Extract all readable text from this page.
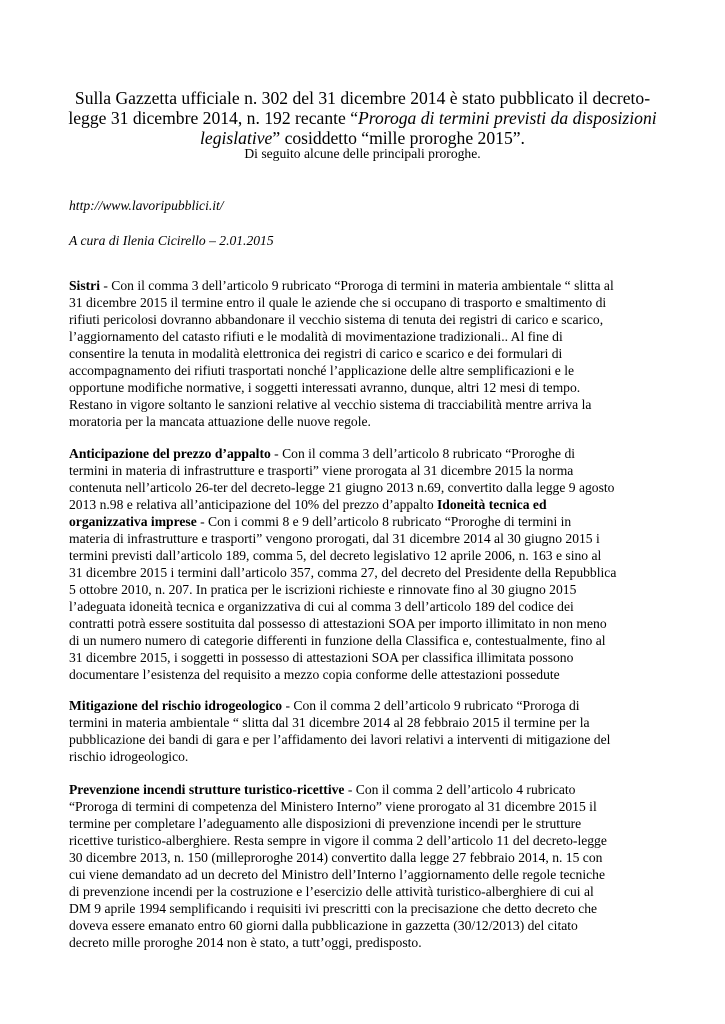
Sulla Gazzetta ufficiale n. 302 del 31 dicembre 2014 è stato pubblicato il decreto-
legge 31 dicembre 2014, n. 192 recante “Proroga di termini previsti da disposizioni
legislative” cosiddetto “mille proroghe 2015”.
Di seguito alcune delle principali proroghe.
http://www.lavoripubblici.it/
A cura di Ilenia Cicirello – 2.01.2015
Sistri - Con il comma 3 dell’articolo 9 rubricato “Proroga di termini in materia ambientale “ slitta al
31 dicembre 2015 il termine entro il quale le aziende che si occupano di trasporto e smaltimento di
rifiuti pericolosi dovranno abbandonare il vecchio sistema di tenuta dei registri di carico e scarico,
l’aggiornamento del catasto rifiuti e le modalità di movimentazione tradizionali.. Al fine di
consentire la tenuta in modalità elettronica dei registri di carico e scarico e dei formulari di
accompagnamento dei rifiuti trasportati nonché l’applicazione delle altre semplificazioni e le
opportune modifiche normative, i soggetti interessati avranno, dunque, altri 12 mesi di tempo.
Restano in vigore soltanto le sanzioni relative al vecchio sistema di tracciabilità mentre arriva la
moratoria per la mancata attuazione delle nuove regole.
Anticipazione del prezzo d’appalto - Con il comma 3 dell’articolo 8 rubricato “Proroghe di
termini in materia di infrastrutture e trasporti” viene prorogata al 31 dicembre 2015 la norma
contenuta nell’articolo 26-ter del decreto-legge 21 giugno 2013 n.69, convertito dalla legge 9 agosto
2013 n.98 e relativa all’anticipazione del 10% del prezzo d’appalto Idoneità tecnica ed
organizzativa imprese - Con i commi 8 e 9 dell’articolo 8 rubricato “Proroghe di termini in
materia di infrastrutture e trasporti” vengono prorogati, dal 31 dicembre 2014 al 30 giugno 2015 i
termini previsti dall’articolo 189, comma 5, del decreto legislativo 12 aprile 2006, n. 163 e sino al
31 dicembre 2015 i termini dall’articolo 357, comma 27, del decreto del Presidente della Repubblica
5 ottobre 2010, n. 207. In pratica per le iscrizioni richieste e rinnovate fino al 30 giugno 2015
l’adeguata idoneità tecnica e organizzativa di cui al comma 3 dell’articolo 189 del codice dei
contratti potrà essere sostituita dal possesso di attestazioni SOA per importo illimitato in non meno
di un numero numero di categorie differenti in funzione della Classifica e, contestualmente, fino al
31 dicembre 2015, i soggetti in possesso di attestazioni SOA per classifica illimitata possono
documentare l’esistenza del requisito a mezzo copia conforme delle attestazioni possedute
Mitigazione del rischio idrogeologico - Con il comma 2 dell’articolo 9 rubricato “Proroga di
termini in materia ambientale “ slitta dal 31 dicembre 2014 al 28 febbraio 2015 il termine per la
pubblicazione dei bandi di gara e per l’affidamento dei lavori relativi a interventi di mitigazione del
rischio idrogeologico.
Prevenzione incendi strutture turistico-ricettive - Con il comma 2 dell’articolo 4 rubricato
“Proroga di termini di competenza del Ministero Interno” viene prorogato al 31 dicembre 2015 il
termine per completare l’adeguamento alle disposizioni di prevenzione incendi per le strutture
ricettive turistico-alberghiere. Resta sempre in vigore il comma 2 dell’articolo 11 del decreto-legge
30 dicembre 2013, n. 150 (milleproroghe 2014) convertito dalla legge 27 febbraio 2014, n. 15 con
cui viene demandato ad un decreto del Ministro dell’Interno l’aggiornamento delle regole tecniche
di prevenzione incendi per la costruzione e l’esercizio delle attività turistico-alberghiere di cui al
DM 9 aprile 1994 semplificando i requisiti ivi prescritti con la precisazione che detto decreto che
doveva essere emanato entro 60 giorni dalla pubblicazione in gazzetta (30/12/2013) del citato
decreto mille proroghe 2014 non è stato, a tutt’oggi, predisposto.
